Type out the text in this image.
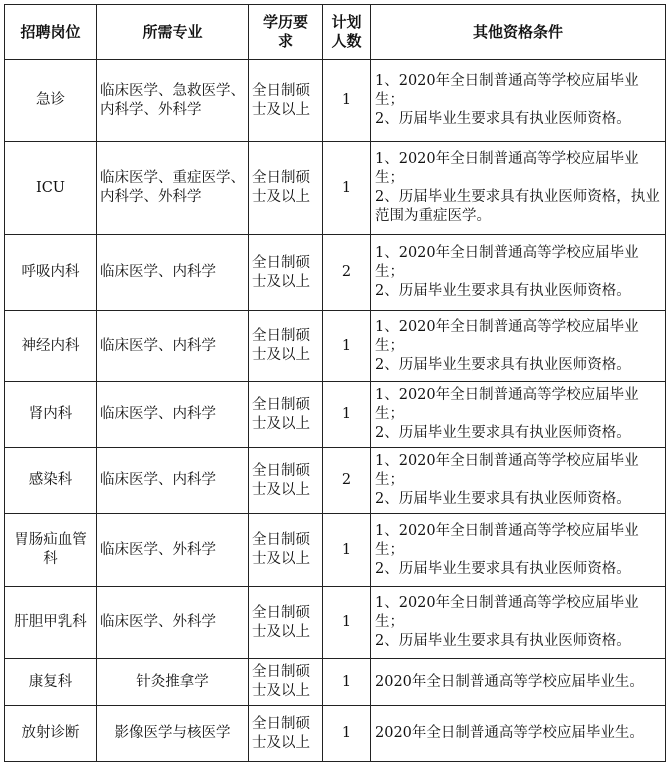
招聘岗位	所需专业	学历要求	计划人数	其他资格条件
急诊	临床医学、急救医学、内科学、外科学	全日制硕士及以上	1	1、2020年全日制普通高等学校应届毕业生；
2、历届毕业生要求具有执业医师资格。

ICU	临床医学、重症医学、内科学、外科学	全日制硕士及以上	1	1、2020年全日制普通高等学校应届毕业生；
2、历届毕业生要求具有执业医师资格，执业范围为重症医学。

呼吸内科	临床医学、内科学	全日制硕士及以上	2	1、2020年全日制普通高等学校应届毕业生；
2、历届毕业生要求具有执业医师资格。

神经内科	临床医学、内科学	全日制硕士及以上	1	1、2020年全日制普通高等学校应届毕业生；
2、历届毕业生要求具有执业医师资格。

肾内科	临床医学、内科学	全日制硕士及以上	1	1、2020年全日制普通高等学校应届毕业生；
2、历届毕业生要求具有执业医师资格。

感染科	临床医学、内科学	全日制硕士及以上	2	1、2020年全日制普通高等学校应届毕业生；
2、历届毕业生要求具有执业医师资格。

胃肠疝血管科	临床医学、外科学	全日制硕士及以上	1	1、2020年全日制普通高等学校应届毕业生；
2、历届毕业生要求具有执业医师资格。

肝胆甲乳科	临床医学、外科学	全日制硕士及以上	1	1、2020年全日制普通高等学校应届毕业生；
2、历届毕业生要求具有执业医师资格。

康复科	针灸推拿学	全日制硕士及以上	1	2020年全日制普通高等学校应届毕业生。

放射诊断	影像医学与核医学	全日制硕士及以上	1	2020年全日制普通高等学校应届毕业生。
